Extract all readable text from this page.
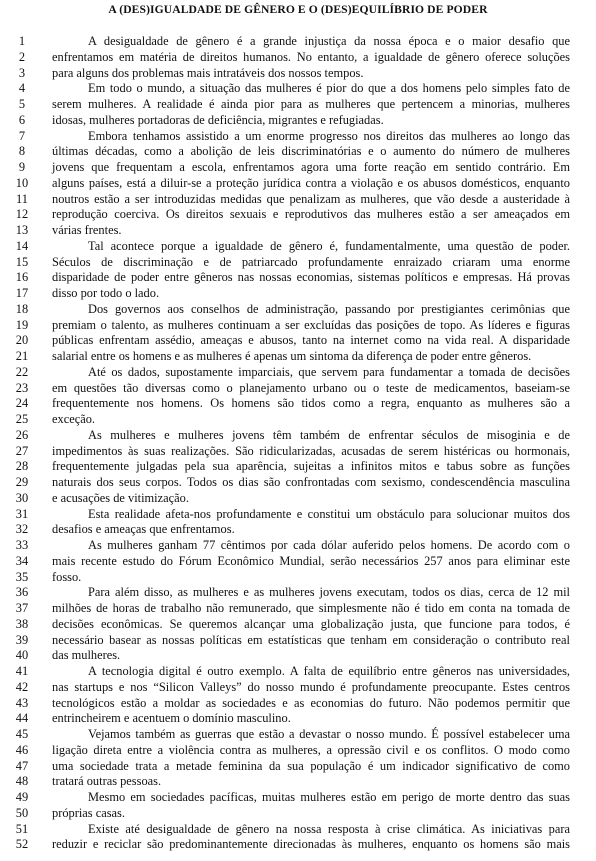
A (DES)IGUALDADE DE GÊNERO E O (DES)EQUILÍBRIO DE PODER
1	A desigualdade de gênero é a grande injustiça da nossa época e o maior desafio que
2	enfrentamos em matéria de direitos humanos. No entanto, a igualdade de gênero oferece soluções
3	para alguns dos problemas mais intratáveis dos nossos tempos.
4	Em todo o mundo, a situação das mulheres é pior do que a dos homens pelo simples fato de
5	serem mulheres. A realidade é ainda pior para as mulheres que pertencem a minorias, mulheres
6	idosas, mulheres portadoras de deficiência, migrantes e refugiadas.
7	Embora tenhamos assistido a um enorme progresso nos direitos das mulheres ao longo das
8	últimas décadas, como a abolição de leis discriminatórias e o aumento do número de mulheres
9	jovens que frequentam a escola, enfrentamos agora uma forte reação em sentido contrário. Em
10	alguns países, está a diluir-se a proteção jurídica contra a violação e os abusos domésticos, enquanto
11	noutros estão a ser introduzidas medidas que penalizam as mulheres, que vão desde a austeridade à
12	reprodução coerciva. Os direitos sexuais e reprodutivos das mulheres estão a ser ameaçados em
13	várias frentes.
14	Tal acontece porque a igualdade de gênero é, fundamentalmente, uma questão de poder.
15	Séculos de discriminação e de patriarcado profundamente enraizado criaram uma enorme
16	disparidade de poder entre gêneros nas nossas economias, sistemas políticos e empresas. Há provas
17	disso por todo o lado.
18	Dos governos aos conselhos de administração, passando por prestigiantes cerimônias que
19	premiam o talento, as mulheres continuam a ser excluídas das posições de topo. As líderes e figuras
20	públicas enfrentam assédio, ameaças e abusos, tanto na internet como na vida real. A disparidade
21	salarial entre os homens e as mulheres é apenas um sintoma da diferença de poder entre gêneros.
22	Até os dados, supostamente imparciais, que servem para fundamentar a tomada de decisões
23	em questões tão diversas como o planejamento urbano ou o teste de medicamentos, baseiam-se
24	frequentemente nos homens. Os homens são tidos como a regra, enquanto as mulheres são a
25	exceção.
26	As mulheres e mulheres jovens têm também de enfrentar séculos de misoginia e de
27	impedimentos às suas realizações. São ridicularizadas, acusadas de serem histéricas ou hormonais,
28	frequentemente julgadas pela sua aparência, sujeitas a infinitos mitos e tabus sobre as funções
29	naturais dos seus corpos. Todos os dias são confrontadas com sexismo, condescendência masculina
30	e acusações de vitimização.
31	Esta realidade afeta-nos profundamente e constitui um obstáculo para solucionar muitos dos
32	desafios e ameaças que enfrentamos.
33	As mulheres ganham 77 cêntimos por cada dólar auferido pelos homens. De acordo com o
34	mais recente estudo do Fórum Econômico Mundial, serão necessários 257 anos para eliminar este
35	fosso.
36	Para além disso, as mulheres e as mulheres jovens executam, todos os dias, cerca de 12 mil
37	milhões de horas de trabalho não remunerado, que simplesmente não é tido em conta na tomada de
38	decisões econômicas. Se queremos alcançar uma globalização justa, que funcione para todos, é
39	necessário basear as nossas políticas em estatísticas que tenham em consideração o contributo real
40	das mulheres.
41	A tecnologia digital é outro exemplo. A falta de equilíbrio entre gêneros nas universidades,
42	nas startups e nos “Silicon Valleys” do nosso mundo é profundamente preocupante. Estes centros
43	tecnológicos estão a moldar as sociedades e as economias do futuro. Não podemos permitir que
44	entrincheirem e acentuem o domínio masculino.
45	Vejamos também as guerras que estão a devastar o nosso mundo. É possível estabelecer uma
46	ligação direta entre a violência contra as mulheres, a opressão civil e os conflitos. O modo como
47	uma sociedade trata a metade feminina da sua população é um indicador significativo de como
48	tratará outras pessoas.
49	Mesmo em sociedades pacíficas, muitas mulheres estão em perigo de morte dentro das suas
50	próprias casas.
51	Existe até desigualdade de gênero na nossa resposta à crise climática. As iniciativas para
52	reduzir e reciclar são predominantemente direcionadas às mulheres, enquanto os homens são mais
